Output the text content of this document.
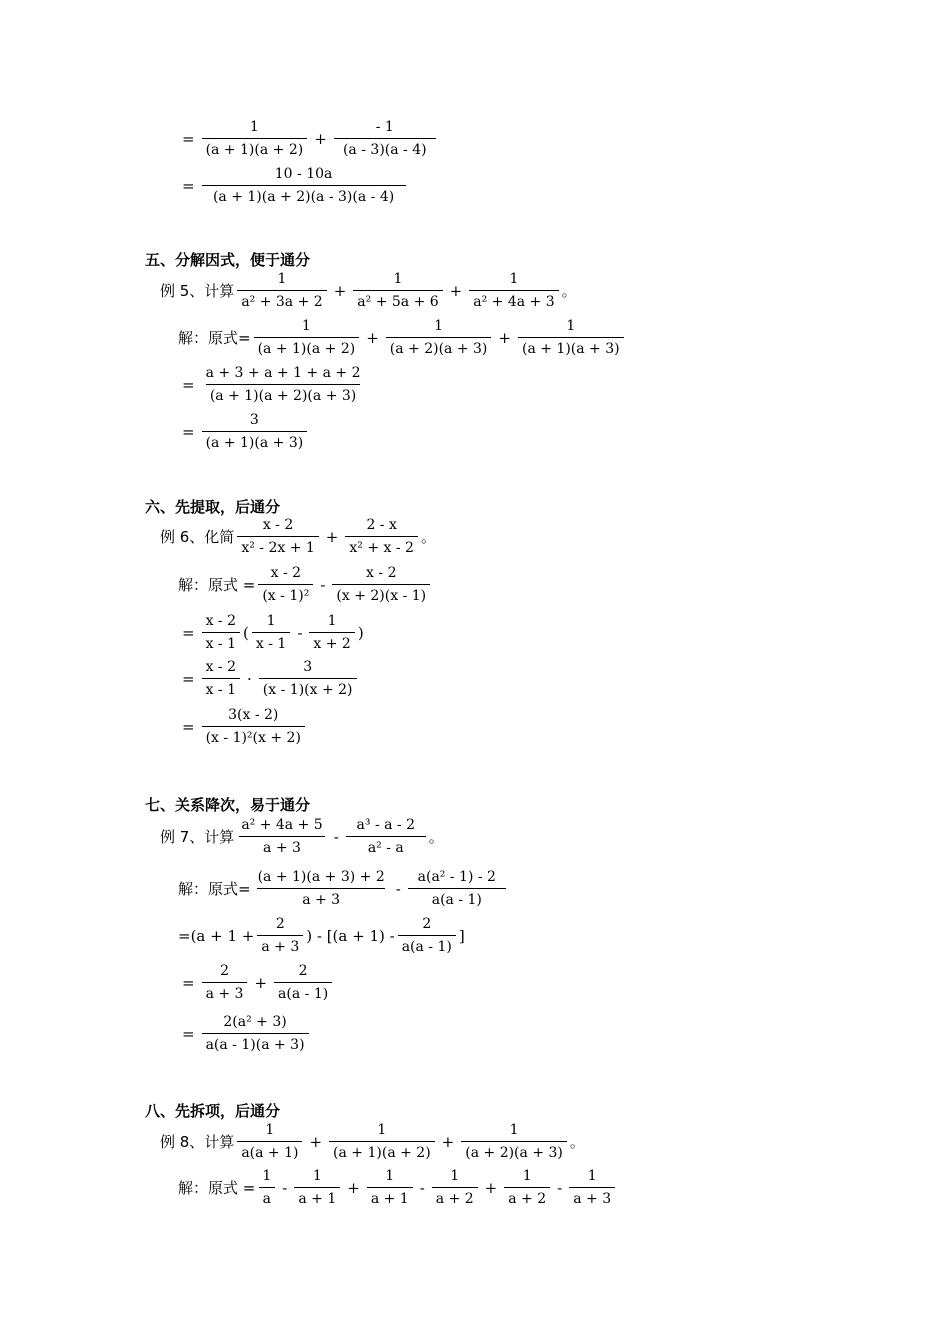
= $\frac{1}{(a + 1)(a + 2)} + \frac{- 1}{(a - 3)(a - 4)}$
= $\frac{10 - 10a}{(a + 1)(a + 2)(a - 3)(a - 4)}$
五、分解因式，便于通分
例 5、计算 $\frac{1}{\text{a² + 3a + 2}} + \frac{1}{\text{a² + 5a + 6}} + \frac{1}{\text{a² + 4a + 3}}$ 。
解：原式= $\frac{1}{(a + 1)(a + 2)} + \frac{1}{(a + 2)(a + 3)} + \frac{1}{(a + 1)(a + 3)}$
= $\frac{a + 3 + a + 1 + a + 2}{(a + 1)(a + 2)(a + 3)}$
= $\frac{3}{(a + 1)(a + 3)}$
六、先提取，后通分
例 6、化简 $\frac{x - 2}{\text{x² - 2x + 1}} + \frac{2 - x}{\text{x² + x - 2}}$ 。
解：原式 = $\frac{x - 2}{\text{(x - 1)²}} - \frac{x - 2}{(x + 2)(x - 1)}$
= $\frac{x - 2}{x - 1}$ ( $\frac{1}{x - 1} - \frac{1}{x + 2}$ )
= $\frac{x - 2}{x - 1} \cdot \frac{3}{(x - 1)(x + 2)}$
= $\frac{3(x - 2)}{\text{(x - 1)²(x + 2)}}$
七、关系降次，易于通分
例 7、计算 $\frac{\text{a² + 4a + 5}}{a + 3} - \frac{\text{a³ - a - 2}}{\text{a² - a}}$ 。
解：原式= $\frac{(a + 1)(a + 3) + 2}{a + 3} - \frac{\text{a(a² - 1) - 2}}{a(a - 1)}$
$=(a + 1 + \frac{2}{a + 3}$ ) - [$(a + 1) - \frac{2}{a(a - 1)}$ ]
= $\frac{2}{a + 3} + \frac{2}{a(a - 1)}$
= $\frac{\text{2(a² + 3)}}{a(a - 1)(a + 3)}$
八、先拆项，后通分
例 8、计算 $\frac{1}{a(a + 1)} + \frac{1}{(a + 1)(a + 2)} + \frac{1}{(a + 2)(a + 3)}$ 。
解：原式 = $\frac{1}{a} - \frac{1}{a + 1} + \frac{1}{a + 1} - \frac{1}{a + 2} + \frac{1}{a + 2} - \frac{1}{a + 3}$
